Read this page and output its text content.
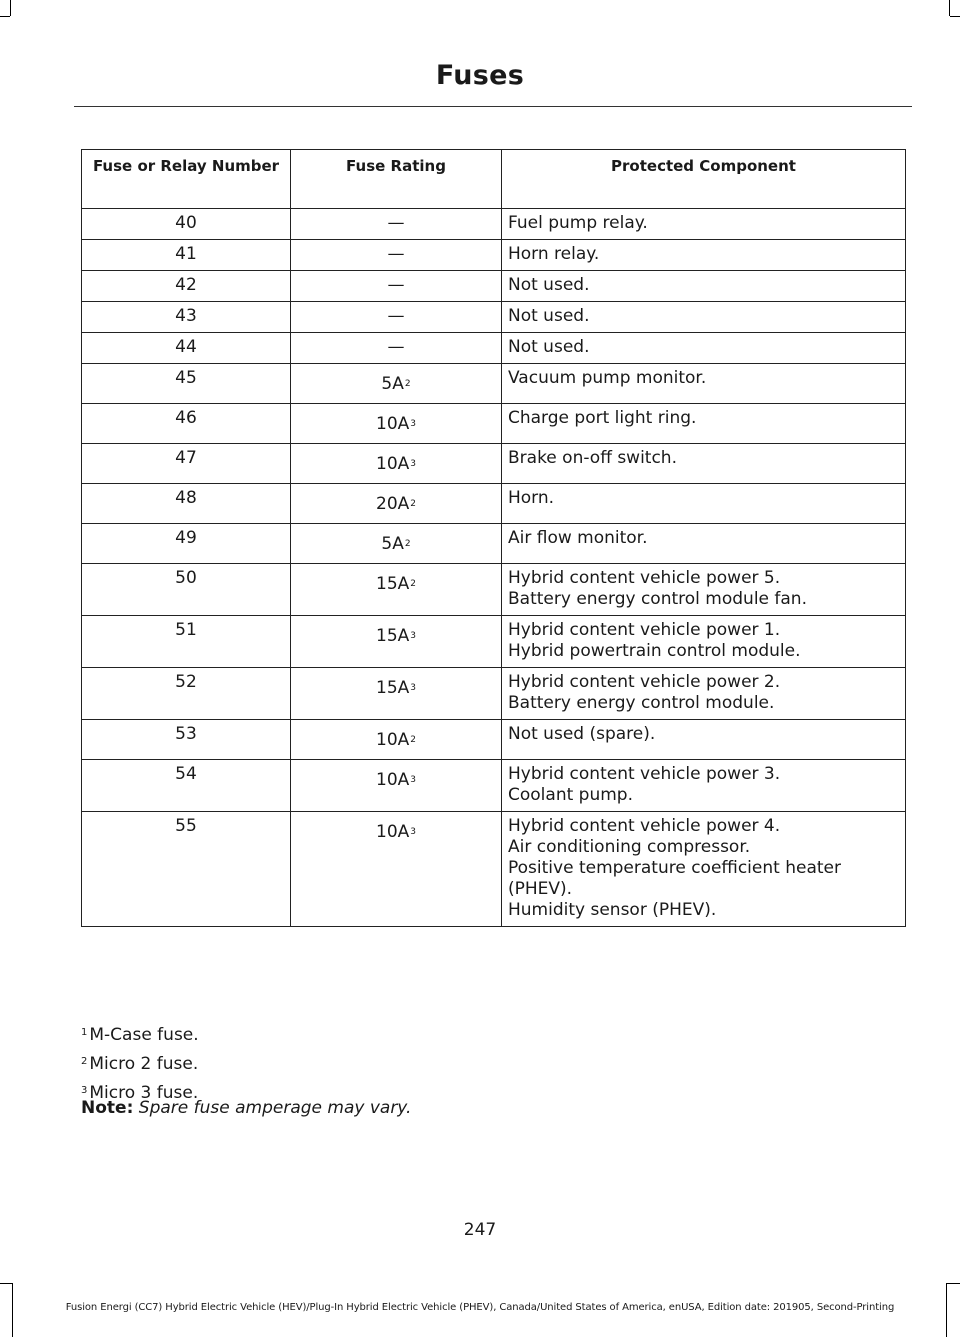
Fuses
Fuse or Relay Number	Fuse Rating	Protected Component
40	—	Fuel pump relay.

41	—	Horn relay.

42	—	Not used.

43	—	Not used.

44	—	Not used.

45	$5A^2$	Vacuum pump monitor.

46	$10A^3$	Charge port light ring.

47	$10A^3$	Brake on-off switch.

48	$20A^2$	Horn.

49	$5A^2$	Air flow monitor.

50	$15A^2$	Hybrid content vehicle power 5.
Battery energy control module fan.

51	$15A^3$	Hybrid content vehicle power 1.
Hybrid powertrain control module.

52	$15A^3$	Hybrid content vehicle power 2.
Battery energy control module.

53	$10A^2$	Not used (spare).

54	$10A^3$	Hybrid content vehicle power 3.
Coolant pump.

55	$10A^3$	Hybrid content vehicle power 4.
Air conditioning compressor.
Positive temperature coefficient heater (PHEV).
Humidity sensor (PHEV).
$^1$ M-Case fuse.
$^2$ Micro 2 fuse.
$^3$ Micro 3 fuse.
Note: Spare fuse amperage may vary.
247
Fusion Energi (CC7) Hybrid Electric Vehicle (HEV)/Plug-In Hybrid Electric Vehicle (PHEV), Canada/United States of America, enUSA, Edition date: 201905, Second-Printing
